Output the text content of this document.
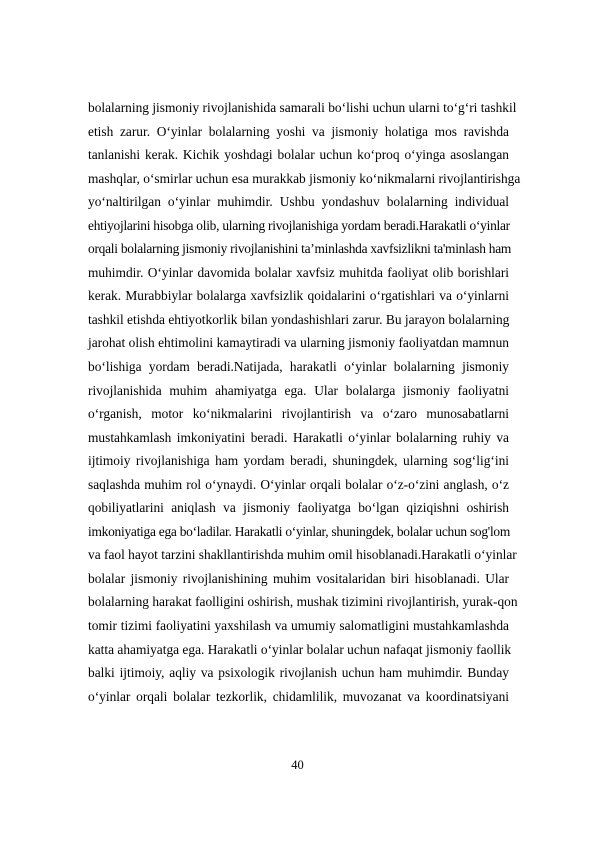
bolalarning jismoniy rivojlanishida samarali bo‘lishi uchun ularni to‘g‘ri tashkil
etish zarur. O‘yinlar bolalarning yoshi va jismoniy holatiga mos ravishda
tanlanishi kerak. Kichik yoshdagi bolalar uchun ko‘proq o‘yinga asoslangan
mashqlar, o‘smirlar uchun esa murakkab jismoniy ko‘nikmalarni rivojlantirishga
yo‘naltirilgan o‘yinlar muhimdir. Ushbu yondashuv bolalarning individual
ehtiyojlarini hisobga olib, ularning rivojlanishiga yordam beradi.Harakatli o‘yinlar
orqali bolalarning jismoniy rivojlanishini ta’minlashda xavfsizlikni ta'minlash ham
muhimdir. O‘yinlar davomida bolalar xavfsiz muhitda faoliyat olib borishlari
kerak. Murabbiylar bolalarga xavfsizlik qoidalarini o‘rgatishlari va o‘yinlarni
tashkil etishda ehtiyotkorlik bilan yondashishlari zarur. Bu jarayon bolalarning
jarohat olish ehtimolini kamaytiradi va ularning jismoniy faoliyatdan mamnun
bo‘lishiga yordam beradi.Natijada, harakatli o‘yinlar bolalarning jismoniy
rivojlanishida muhim ahamiyatga ega. Ular bolalarga jismoniy faoliyatni
o‘rganish, motor ko‘nikmalarini rivojlantirish va o‘zaro munosabatlarni
mustahkamlash imkoniyatini beradi. Harakatli o‘yinlar bolalarning ruhiy va
ijtimoiy rivojlanishiga ham yordam beradi, shuningdek, ularning sog‘lig‘ini
saqlashda muhim rol o‘ynaydi. O‘yinlar orqali bolalar o‘z-o‘zini anglash, o‘z
qobiliyatlarini aniqlash va jismoniy faoliyatga bo‘lgan qiziqishni oshirish
imkoniyatiga ega bo‘ladilar. Harakatli o‘yinlar, shuningdek, bolalar uchun sog'lom
va faol hayot tarzini shakllantirishda muhim omil hisoblanadi.Harakatli o‘yinlar
bolalar jismoniy rivojlanishining muhim vositalaridan biri hisoblanadi. Ular
bolalarning harakat faolligini oshirish, mushak tizimini rivojlantirish, yurak-qon
tomir tizimi faoliyatini yaxshilash va umumiy salomatligini mustahkamlashda
katta ahamiyatga ega. Harakatli o‘yinlar bolalar uchun nafaqat jismoniy faollik
balki ijtimoiy, aqliy va psixologik rivojlanish uchun ham muhimdir. Bunday
o‘yinlar orqali bolalar tezkorlik, chidamlilik, muvozanat va koordinatsiyani
40
